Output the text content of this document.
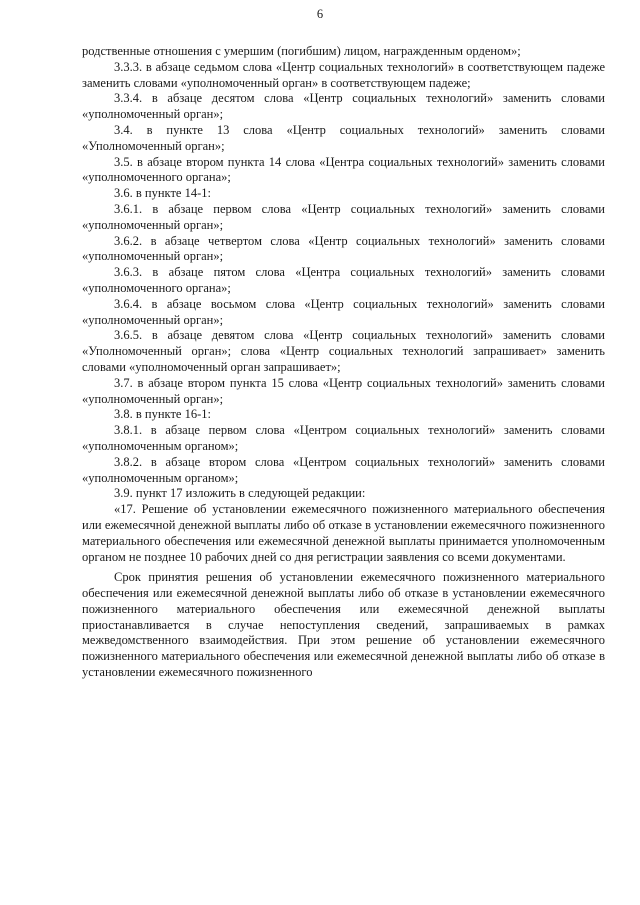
6

родственные отношения с умершим (погибшим) лицом, награжденным орденом»;

3.3.3. в абзаце седьмом слова «Центр социальных технологий» в соответствующем падеже заменить словами «уполномоченный орган» в соответствующем падеже;

3.3.4. в абзаце десятом слова «Центр социальных технологий» заменить словами «уполномоченный орган»;

3.4. в пункте 13 слова «Центр социальных технологий» заменить словами «Уполномоченный орган»;

3.5. в абзаце втором пункта 14 слова «Центра социальных технологий» заменить словами «уполномоченного органа»;

3.6. в пункте 14-1:

3.6.1. в абзаце первом слова «Центр социальных технологий» заменить словами «уполномоченный орган»;

3.6.2. в абзаце четвертом слова «Центр социальных технологий» заменить словами «уполномоченный орган»;

3.6.3. в абзаце пятом слова «Центра социальных технологий» заменить словами «уполномоченного органа»;

3.6.4. в абзаце восьмом слова «Центр социальных технологий» заменить словами «уполномоченный орган»;

3.6.5. в абзаце девятом слова «Центр социальных технологий» заменить словами «Уполномоченный орган»; слова «Центр социальных технологий запрашивает» заменить словами «уполномоченный орган запрашивает»;

3.7. в абзаце втором пункта 15 слова «Центр социальных технологий» заменить словами «уполномоченный орган»;

3.8. в пункте 16-1:

3.8.1. в абзаце первом слова «Центром социальных технологий» заменить словами «уполномоченным органом»;

3.8.2. в абзаце втором слова «Центром социальных технологий» заменить словами «уполномоченным органом»;

3.9. пункт 17 изложить в следующей редакции:

«17. Решение об установлении ежемесячного пожизненного материального обеспечения или ежемесячной денежной выплаты либо об отказе в установлении ежемесячного пожизненного материального обеспечения или ежемесячной денежной выплаты принимается уполномоченным органом не позднее 10 рабочих дней со дня регистрации заявления со всеми документами.

Срок принятия решения об установлении ежемесячного пожизненного материального обеспечения или ежемесячной денежной выплаты либо об отказе в установлении ежемесячного пожизненного материального обеспечения или ежемесячной денежной выплаты приостанавливается в случае непоступления сведений, запрашиваемых в рамках межведомственного взаимодействия. При этом решение об установлении ежемесячного пожизненного материального обеспечения или ежемесячной денежной выплаты либо об отказе в установлении ежемесячного пожизненного
